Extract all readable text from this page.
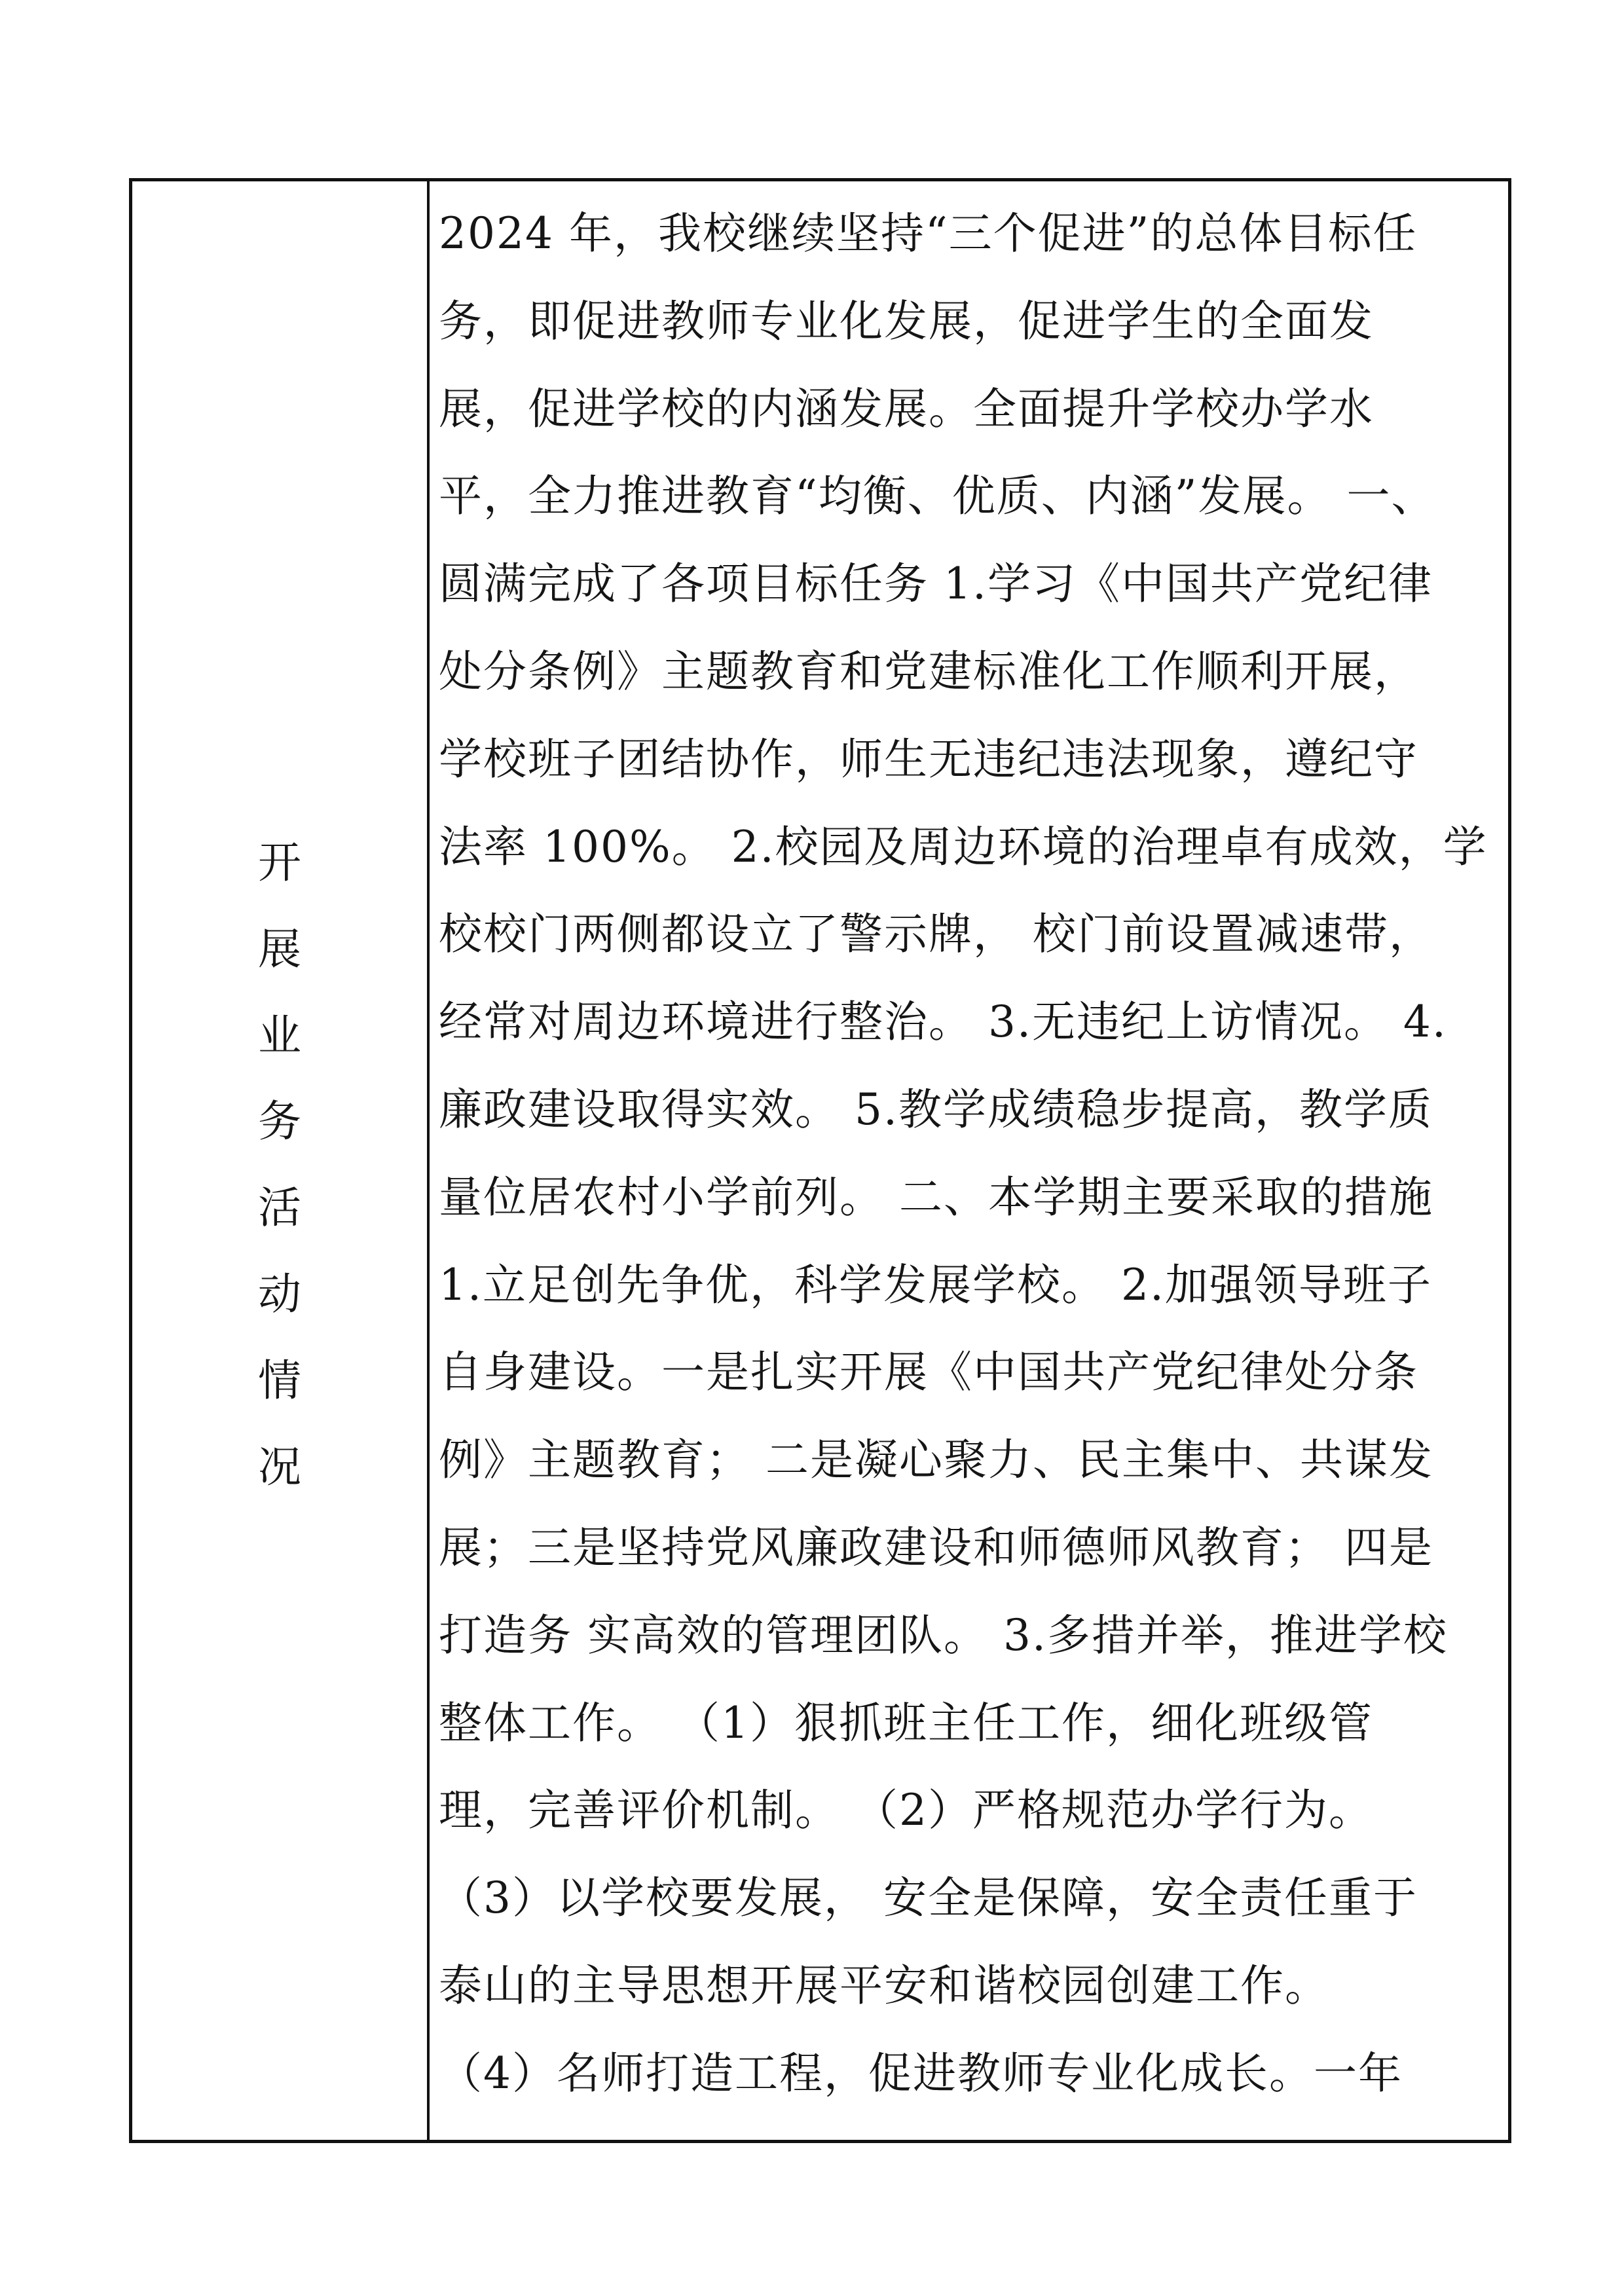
开
展
业
务
活
动
情
况
2024 年，我校继续坚持“三个促进”的总体目标任
务，即促进教师专业化发展，促进学生的全面发
展，促进学校的内涵发展。全面提升学校办学水
平，全力推进教育“均衡、优质、内涵”发展。 一、
圆满完成了各项目标任务 1.学习《中国共产党纪律
处分条例》主题教育和党建标准化工作顺利开展，
学校班子团结协作，师生无违纪违法现象，遵纪守
法率 100%。 2.校园及周边环境的治理卓有成效，学
校校门两侧都设立了警示牌， 校门前设置减速带，
经常对周边环境进行整治。 3.无违纪上访情况。 4.
廉政建设取得实效。 5.教学成绩稳步提高，教学质
量位居农村小学前列。 二、本学期主要采取的措施
1.立足创先争优，科学发展学校。 2.加强领导班子
自身建设。一是扎实开展《中国共产党纪律处分条
例》主题教育； 二是凝心聚力、民主集中、共谋发
展；三是坚持党风廉政建设和师德师风教育； 四是
打造务 实高效的管理团队。 3.多措并举，推进学校
整体工作。 （1）狠抓班主任工作，细化班级管
理，完善评价机制。 （2）严格规范办学行为。
（3）以学校要发展， 安全是保障，安全责任重于
泰山的主导思想开展平安和谐校园创建工作。
（4）名师打造工程，促进教师专业化成长。一年
